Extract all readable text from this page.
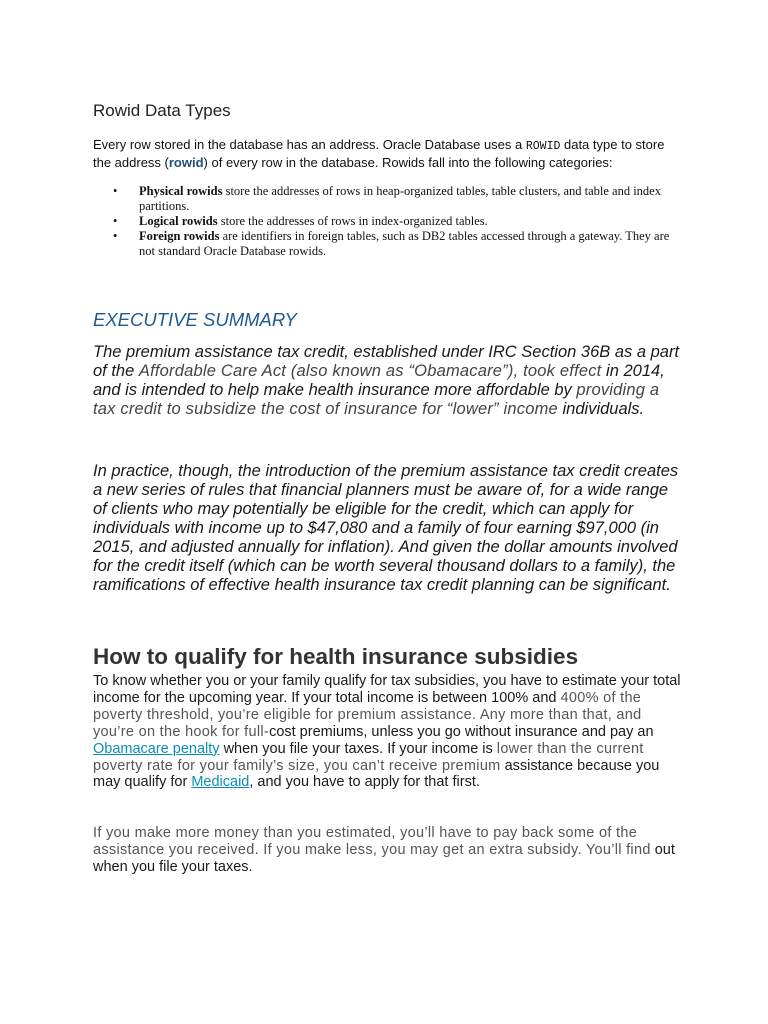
Rowid Data Types
Every row stored in the database has an address. Oracle Database uses a ROWID data type to store the address (rowid) of every row in the database. Rowids fall into the following categories:
• Physical rowids store the addresses of rows in heap-organized tables, table clusters, and table and index partitions.
• Logical rowids store the addresses of rows in index-organized tables.
• Foreign rowids are identifiers in foreign tables, such as DB2 tables accessed through a gateway. They are not standard Oracle Database rowids.
EXECUTIVE SUMMARY
The premium assistance tax credit, established under IRC Section 36B as a part of the Affordable Care Act (also known as “Obamacare”), took effect in 2014, and is intended to help make health insurance more affordable by providing a tax credit to subsidize the cost of insurance for “lower” income individuals.
In practice, though, the introduction of the premium assistance tax credit creates a new series of rules that financial planners must be aware of, for a wide range of clients who may potentially be eligible for the credit, which can apply for individuals with income up to $47,080 and a family of four earning $97,000 (in 2015, and adjusted annually for inflation). And given the dollar amounts involved for the credit itself (which can be worth several thousand dollars to a family), the ramifications of effective health insurance tax credit planning can be significant.
How to qualify for health insurance subsidies
To know whether you or your family qualify for tax subsidies, you have to estimate your total income for the upcoming year. If your total income is between 100% and 400% of the poverty threshold, you’re eligible for premium assistance. Any more than that, and you’re on the hook for full-cost premiums, unless you go without insurance and pay an Obamacare penalty when you file your taxes. If your income is lower than the current poverty rate for your family’s size, you can’t receive premium assistance because you may qualify for Medicaid, and you have to apply for that first.
If you make more money than you estimated, you’ll have to pay back some of the assistance you received. If you make less, you may get an extra subsidy. You’ll find out when you file your taxes.
